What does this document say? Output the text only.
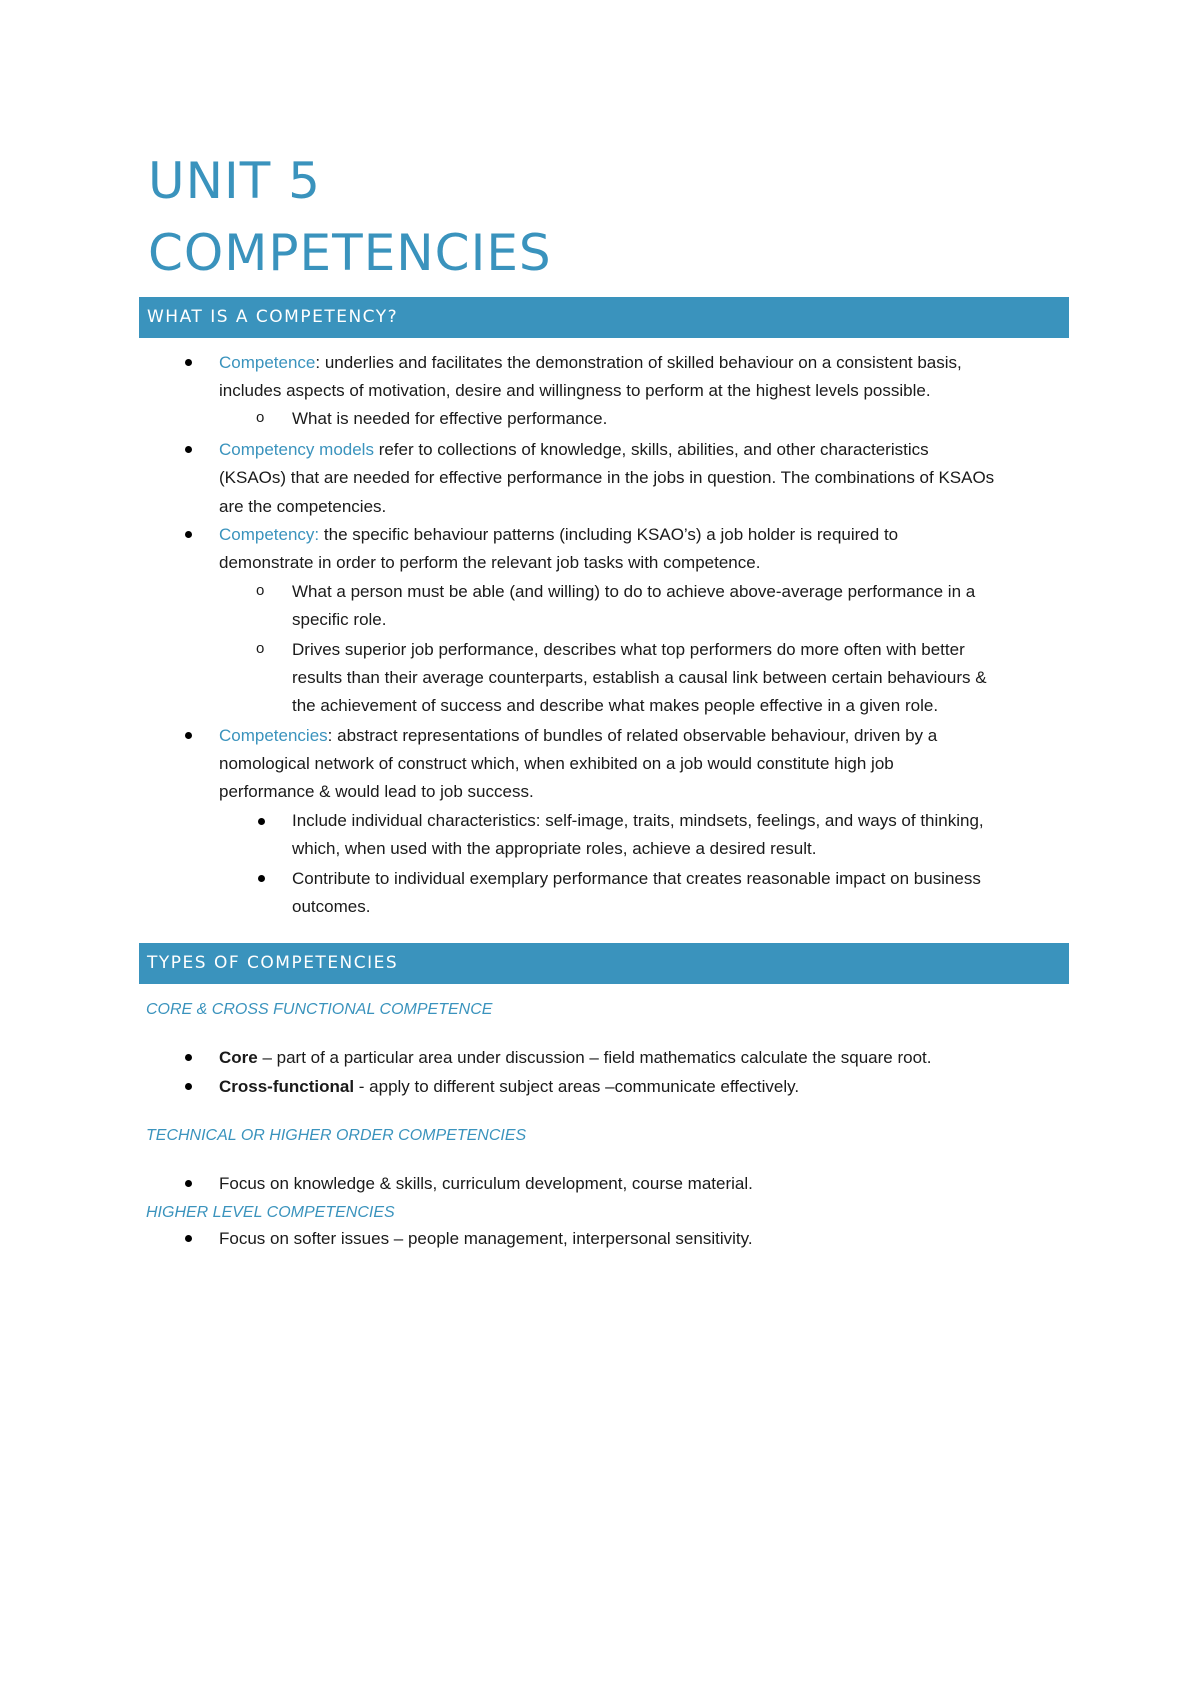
UNIT 5
COMPETENCIES
WHAT IS A COMPETENCY?
Competence: underlies and facilitates the demonstration of skilled behaviour on a consistent basis,
includes aspects of motivation, desire and willingness to perform at the highest levels possible.
o What is needed for effective performance.
Competency models refer to collections of knowledge, skills, abilities, and other characteristics
(KSAOs) that are needed for effective performance in the jobs in question. The combinations of KSAOs
are the competencies.
Competency: the specific behaviour patterns (including KSAO’s) a job holder is required to
demonstrate in order to perform the relevant job tasks with competence.
o What a person must be able (and willing) to do to achieve above-average performance in a
specific role.
o Drives superior job performance, describes what top performers do more often with better
results than their average counterparts, establish a causal link between certain behaviours &
the achievement of success and describe what makes people effective in a given role.
Competencies: abstract representations of bundles of related observable behaviour, driven by a
nomological network of construct which, when exhibited on a job would constitute high job
performance & would lead to job success.
Include individual characteristics: self-image, traits, mindsets, feelings, and ways of thinking,
which, when used with the appropriate roles, achieve a desired result.
Contribute to individual exemplary performance that creates reasonable impact on business
outcomes.
TYPES OF COMPETENCIES
CORE & CROSS FUNCTIONAL COMPETENCE
Core – part of a particular area under discussion – field mathematics calculate the square root.
Cross-functional - apply to different subject areas –communicate effectively.
TECHNICAL OR HIGHER ORDER COMPETENCIES
Focus on knowledge & skills, curriculum development, course material.
HIGHER LEVEL COMPETENCIES
Focus on softer issues – people management, interpersonal sensitivity.
